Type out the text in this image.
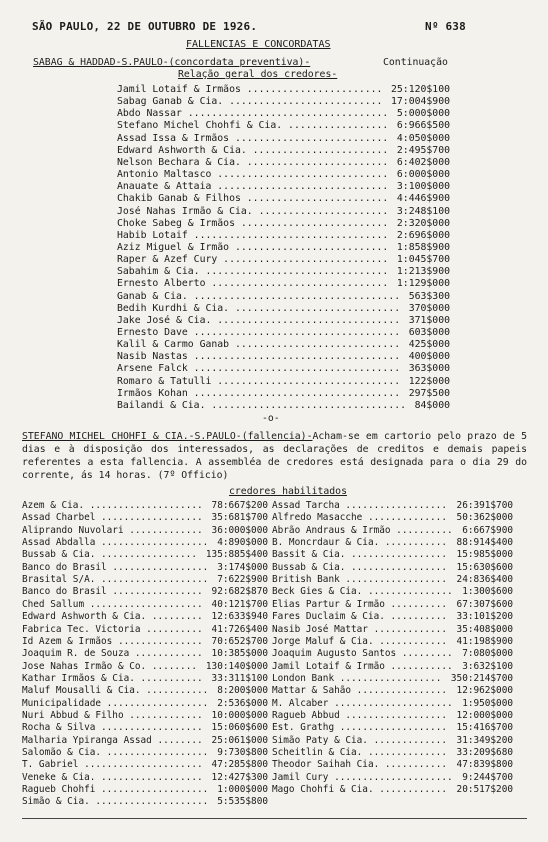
SÃO PAULO, 22 DE OUTUBRO DE 1926.	Nº 638
FALLENCIAS E CONCORDATAS
SABAG & HADDAD-S.PAULO-(concordata preventiva)-	Continuação
Relação geral dos credores-
Jamil Lotaif & Irmãos ....................... 25:120$100
Sabag Ganab & Cia. .......................... 17:004$900
Abdo Nassar .................................. 5:000$000
Stefano Michel Chohfi & Cia. ................. 6:966$500
Assad Issa & Irmãos .......................... 4:050$000
Edward Ashworth & Cia. ....................... 2:495$700
Nelson Bechara & Cia. ........................ 6:402$000
Antonio Maltasco ............................. 6:000$000
Anauate & Attaia ............................. 3:100$000
Chakib Ganab & Filhos ........................ 4:446$900
José Nahas Irmão & Cia. ...................... 3:248$100
Choke Sabeg & Irmãos ......................... 2:320$000
Habib Lotaif ................................. 2:696$000
Aziz Miguel & Irmão .......................... 1:858$900
Raper & Azef Cury ............................ 1:045$700
Sabahim & Cia. ............................... 1:213$900
Ernesto Alberto .............................. 1:129$000
Ganab & Cia. ................................... 563$300
Bedih Kurdhi & Cia. ............................ 370$000
Jake José & Cia. ............................... 371$000
Ernesto Dave ................................... 603$000
Kalil & Carmo Ganab ............................ 425$000
Nasib Nastas ................................... 400$000
Arsene Falck ................................... 363$000
Romaro & Tatulli ............................... 122$000
Irmãos Kohan ................................... 297$500
Bailandi & Cia. ................................. 84$000
-o-
STEFANO MICHEL CHOHFI & CIA.-S.PAULO-(fallencia)-Acham-se em cartorio pelo prazo de 5 dias e à disposição dos interessados, as declarações de creditos e demais papeis referentes a esta fallencia. A assembléa de credores está designada para o dia 29 do corrente, ás 14 horas. (7º Officio)
credores habilitados
Azem & Cia. .................... 78:667$200
Assad Charbel .................. 35:681$700
Aliprando Nuvolari ............. 36:000$000
Assad Abdalla ................... 4:890$000
Bussab & Cia. ................. 135:885$400
Banco do Brasil ................. 3:174$000
Brasital S/A. ................... 7:622$900
Banco do Brasil ................ 92:682$870
Ched Sallum .................... 40:121$700
Edward Ashworth & Cia. ......... 12:633$940
Fabrica Tec. Victoria .......... 41:726$400
Id Azem & Irmãos ............... 70:652$700
Joaquim R. de Souza ............ 10:385$000
Jose Nahas Irmão & Co. ........ 130:140$000
Kathar Irmãos & Cia. ........... 33:311$100
Maluf Mousalli & Cia. ........... 8:200$000
Municipalidade .................. 2:536$000
Nuri Abbud & Filho ............. 10:000$000
Rocha & Silva .................. 15:060$600
Malharia Ypiranga Assad ........ 25:061$000
Salomão & Cia. .................. 9:730$800
T. Gabriel ..................... 47:285$800
Veneke & Cia. .................. 12:427$300
Ragueb Chohfi ................... 1:000$000
Simão & Cia. .................... 5:535$800
Assad Tarcha .................. 26:391$700
Alfredo Masacche .............. 50:362$000
Abrão Andraus & Irmão .......... 6:667$900
B. Moncrdaur & Cia. ........... 88:914$400
Bassit & Cia. ................. 15:985$000
Bussab & Cia. ................. 15:630$600
British Bank .................. 24:836$400
Beck Gies & Cia. ............... 1:300$600
Elias Partur & Irmão .......... 67:307$600
Fares Duclaim & Cia. .......... 33:101$200
Nasib José Mattar ............. 35:408$000
Jorge Maluf & Cia. ............ 41:198$900
Joaquim Augusto Santos ......... 7:080$000
Jamil Lotaif & Irmão ........... 3:632$100
London Bank .................. 350:214$700
Mattar & Sahão ................ 12:962$000
M. Alcaber ..................... 1:950$000
Ragueb Abbud .................. 12:000$000
Est. Grathg ................... 15:416$700
Simão Paty & Cia. ............. 31:349$200
Scheitlin & Cia. .............. 33:209$680
Theodor Saihah Cia. ........... 47:839$800
Jamil Cury ..................... 9:244$700
Mago Chohfi & Cia. ............ 20:517$200
